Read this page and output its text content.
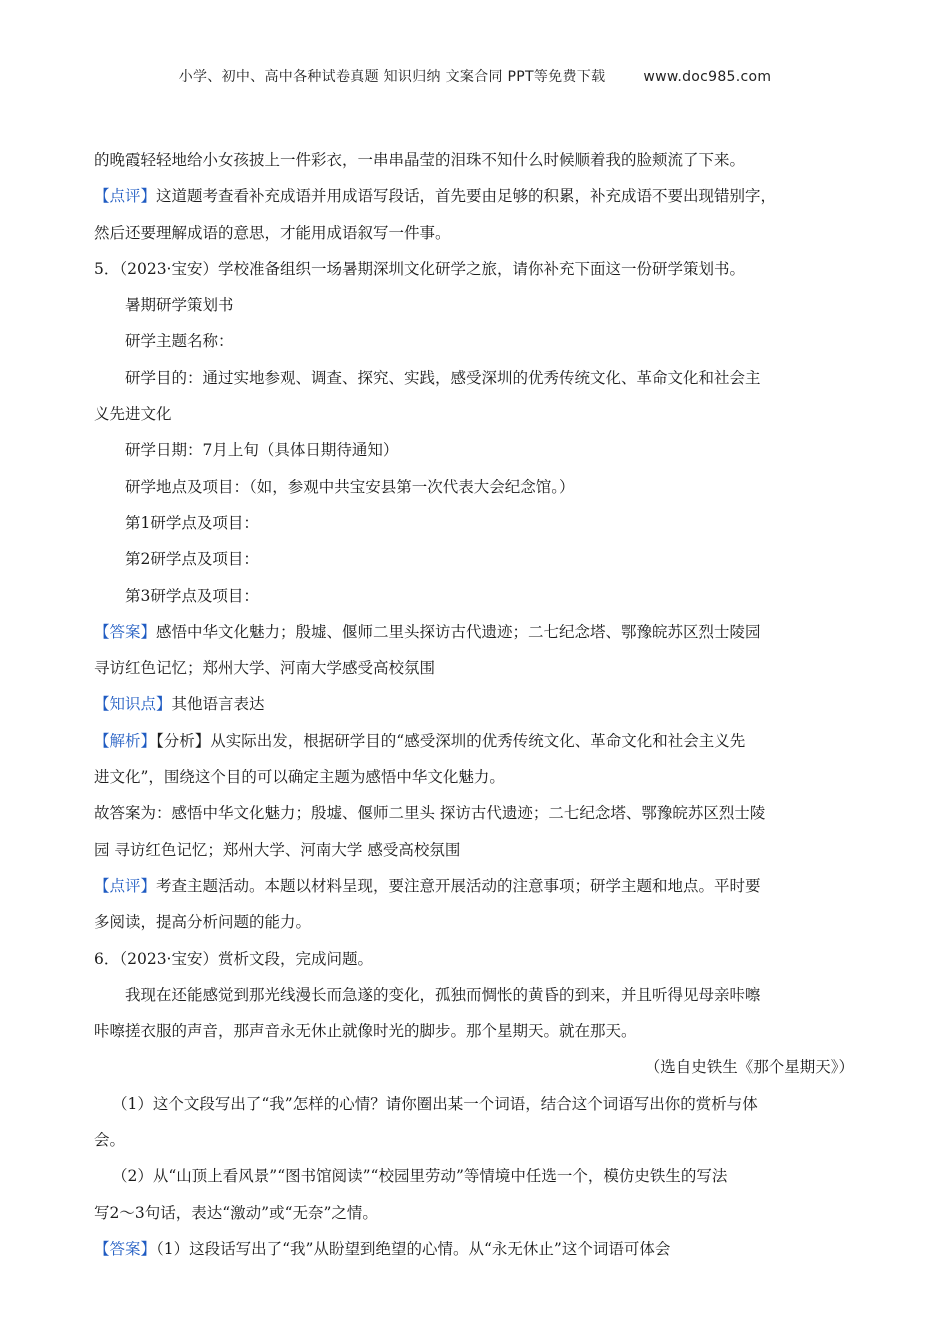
小学、初中、高中各种试卷真题 知识归纳 文案合同 PPT等免费下载	www.doc985.com
的晚霞轻轻地给小女孩披上一件彩衣，一串串晶莹的泪珠不知什么时候顺着我的脸颊流了下来。
【点评】这道题考查看补充成语并用成语写段话，首先要由足够的积累，补充成语不要出现错别字，
然后还要理解成语的意思，才能用成语叙写一件事。
5．（2023·宝安）学校准备组织一场暑期深圳文化研学之旅，请你补充下面这一份研学策划书。
暑期研学策划书
研学主题名称：
研学目的：通过实地参观、调查、探究、实践，感受深圳的优秀传统文化、革命文化和社会主
义先进文化
研学日期：7月上旬（具体日期待通知）
研学地点及项目：（如，参观中共宝安县第一次代表大会纪念馆。）
第1研学点及项目：
第2研学点及项目：
第3研学点及项目：
【答案】感悟中华文化魅力；殷墟、偃师二里头探访古代遗迹；二七纪念塔、鄂豫皖苏区烈士陵园
寻访红色记忆；郑州大学、河南大学感受高校氛围
【知识点】其他语言表达
【解析】【分析】从实际出发，根据研学目的“感受深圳的优秀传统文化、革命文化和社会主义先
进文化”，围绕这个目的可以确定主题为感悟中华文化魅力。
故答案为：感悟中华文化魅力；殷墟、偃师二里头 探访古代遗迹；二七纪念塔、鄂豫皖苏区烈士陵
园 寻访红色记忆；郑州大学、河南大学 感受高校氛围
【点评】考查主题活动。本题以材料呈现，要注意开展活动的注意事项；研学主题和地点。平时要
多阅读，提高分析问题的能力。
6．（2023·宝安）赏析文段，完成问题。
我现在还能感觉到那光线漫长而急遂的变化，孤独而惆怅的黄昏的到来，并且听得见母亲咔嚓
咔嚓搓衣服的声音，那声音永无休止就像时光的脚步。那个星期天。就在那天。
（选自史铁生《那个星期天》）
（1）这个文段写出了“我”怎样的心情？请你圈出某一个词语，结合这个词语写出你的赏析与体
会。
（2）从“山顶上看风景”“图书馆阅读”“校园里劳动”等情境中任选一个，模仿史铁生的写法
写2～3句话，表达“激动”或“无奈”之情。
【答案】（1）这段话写出了“我”从盼望到绝望的心情。从“永无休止”这个词语可体会
